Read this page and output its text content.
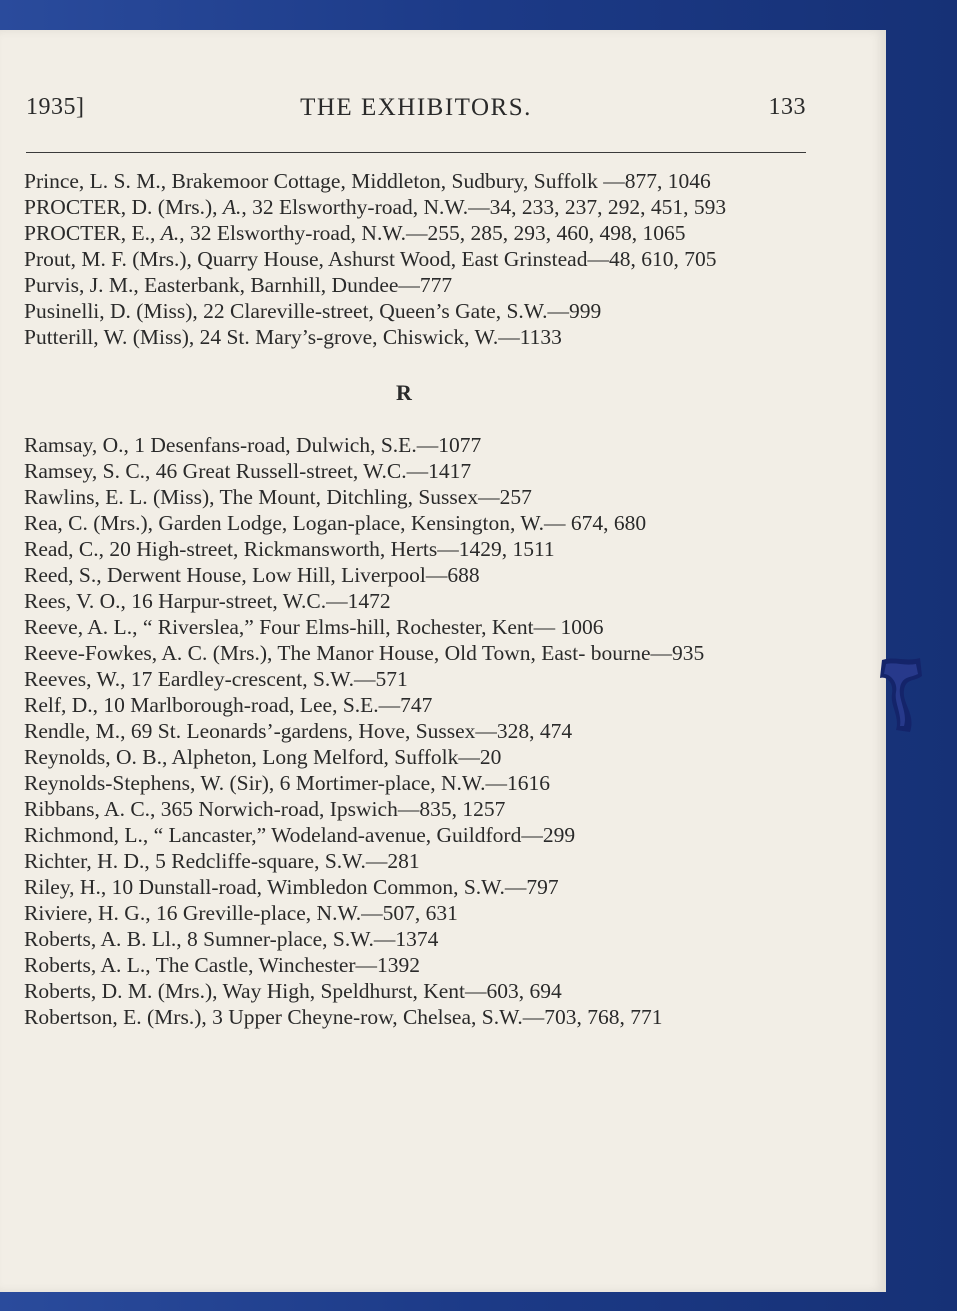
1935]	THE EXHIBITORS.	133

Prince, L. S. M., Brakemoor Cottage, Middleton, Sudbury, Suffolk —877, 1046

PROCTER, D. (Mrs.), A., 32 Elsworthy-road, N.W.—34, 233, 237, 292, 451, 593

PROCTER, E., A., 32 Elsworthy-road, N.W.—255, 285, 293, 460, 498, 1065

Prout, M. F. (Mrs.), Quarry House, Ashurst Wood, East Grinstead—48, 610, 705

Purvis, J. M., Easterbank, Barnhill, Dundee—777

Pusinelli, D. (Miss), 22 Clareville-street, Queen’s Gate, S.W.—999

Putterill, W. (Miss), 24 St. Mary’s-grove, Chiswick, W.—1133

R

Ramsay, O., 1 Desenfans-road, Dulwich, S.E.—1077

Ramsey, S. C., 46 Great Russell-street, W.C.—1417

Rawlins, E. L. (Miss), The Mount, Ditchling, Sussex—257

Rea, C. (Mrs.), Garden Lodge, Logan-place, Kensington, W.— 674, 680

Read, C., 20 High-street, Rickmansworth, Herts—1429, 1511

Reed, S., Derwent House, Low Hill, Liverpool—688

Rees, V. O., 16 Harpur-street, W.C.—1472

Reeve, A. L., “ Riverslea,” Four Elms-hill, Rochester, Kent— 1006

Reeve-Fowkes, A. C. (Mrs.), The Manor House, Old Town, East- bourne—935

Reeves, W., 17 Eardley-crescent, S.W.—571

Relf, D., 10 Marlborough-road, Lee, S.E.—747

Rendle, M., 69 St. Leonards’-gardens, Hove, Sussex—328, 474

Reynolds, O. B., Alpheton, Long Melford, Suffolk—20

Reynolds-Stephens, W. (Sir), 6 Mortimer-place, N.W.—1616

Ribbans, A. C., 365 Norwich-road, Ipswich—835, 1257

Richmond, L., “ Lancaster,” Wodeland-avenue, Guildford—299

Richter, H. D., 5 Redcliffe-square, S.W.—281

Riley, H., 10 Dunstall-road, Wimbledon Common, S.W.—797

Riviere, H. G., 16 Greville-place, N.W.—507, 631

Roberts, A. B. Ll., 8 Sumner-place, S.W.—1374

Roberts, A. L., The Castle, Winchester—1392

Roberts, D. M. (Mrs.), Way High, Speldhurst, Kent—603, 694

Robertson, E. (Mrs.), 3 Upper Cheyne-row, Chelsea, S.W.—703, 768, 771
